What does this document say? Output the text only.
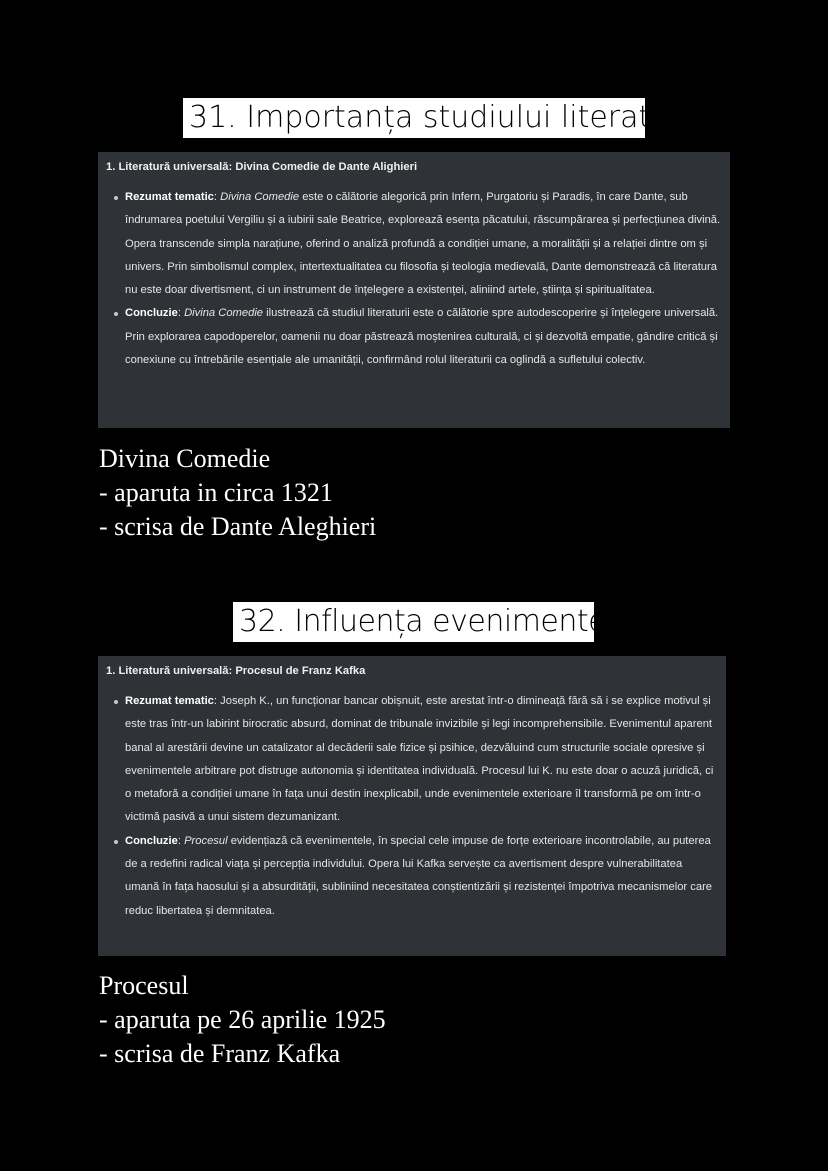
31. Importanța studiului literaturii
1. Literatură universală: Divina Comedie de Dante Alighieri
Rezumat tematic: Divina Comedie este o călătorie alegorică prin Infern, Purgatoriu și Paradis, în care Dante, sub îndrumarea poetului Vergiliu și a iubirii sale Beatrice, explorează esența păcatului, răscumpărarea și perfecțiunea divină. Opera transcende simpla narațiune, oferind o analiză profundă a condiției umane, a moralității și a relației dintre om și univers. Prin simbolismul complex, intertextualitatea cu filosofia și teologia medievală, Dante demonstrează că literatura nu este doar divertisment, ci un instrument de înțelegere a existenței, aliniind artele, știința și spiritualitatea.
Concluzie: Divina Comedie ilustrează că studiul literaturii este o călătorie spre autodescoperire și înțelegere universală. Prin explorarea capodoperelor, oamenii nu doar păstrează moștenirea culturală, ci și dezvoltă empatie, gândire critică și conexiune cu întrebările esențiale ale umanității, confirmând rolul literaturii ca oglindă a sufletului colectiv.
Divina Comedie
- aparuta in circa 1321
- scrisa de Dante Aleghieri
32. Influența evenimentelor
1. Literatură universală: Procesul de Franz Kafka
Rezumat tematic: Joseph K., un funcționar bancar obișnuit, este arestat într-o dimineață fără să i se explice motivul și este tras într-un labirint birocratic absurd, dominat de tribunale invizibile și legi incomprehensibile. Evenimentul aparent banal al arestării devine un catalizator al decăderii sale fizice și psihice, dezvăluind cum structurile sociale opresive și evenimentele arbitrare pot distruge autonomia și identitatea individuală. Procesul lui K. nu este doar o acuză juridică, ci o metaforă a condiției umane în fața unui destin inexplicabil, unde evenimentele exterioare îl transformă pe om într-o victimă pasivă a unui sistem dezumanizant.
Concluzie: Procesul evidențiază că evenimentele, în special cele impuse de forțe exterioare incontrolabile, au puterea de a redefini radical viața și percepția individului. Opera lui Kafka servește ca avertisment despre vulnerabilitatea umană în fața haosului și a absurdității, subliniind necesitatea conștientizării și rezistenței împotriva mecanismelor care reduc libertatea și demnitatea.
Procesul
- aparuta pe 26 aprilie 1925
- scrisa de Franz Kafka
